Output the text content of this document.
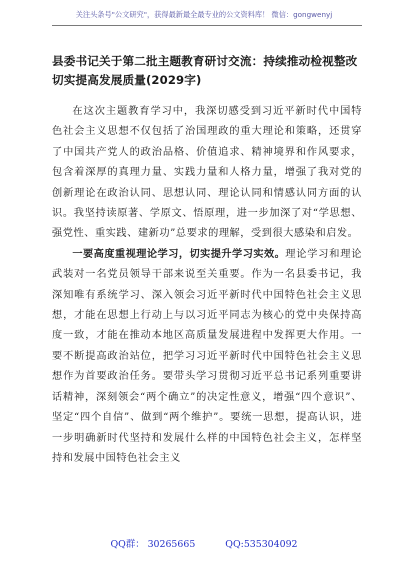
关注头条号"公文研究"，获得最新最全最专业的公文资料库！ 微信：gongwenyj
县委书记关于第二批主题教育研讨交流：持续推动检视整改切实提高发展质量(2029字)

在这次主题教育学习中，我深切感受到习近平新时代中国特色社会主义思想不仅包括了治国理政的重大理论和策略，还贯穿了中国共产党人的政治品格、价值追求、精神境界和作风要求，包含着深厚的真理力量、实践力量和人格力量，增强了我对党的创新理论在政治认同、思想认同、理论认同和情感认同方面的认识。我坚持读原著、学原文、悟原理，进一步加深了对“学思想、强党性、重实践、建新功”总要求的理解，受到很大感染和启发。

一要高度重视理论学习，切实提升学习实效。理论学习和理论武装对一名党员领导干部来说至关重要。作为一名县委书记，我深知唯有系统学习、深入领会习近平新时代中国特色社会主义思想，才能在思想上行动上与以习近平同志为核心的党中央保持高度一致，才能在推动本地区高质量发展进程中发挥更大作用。一要不断提高政治站位，把学习习近平新时代中国特色社会主义思想作为首要政治任务。要带头学习贯彻习近平总书记系列重要讲话精神，深刻领会“两个确立”的决定性意义，增强“四个意识”、坚定“四个自信”、做到“两个维护”。要统一思想，提高认识，进一步明确新时代坚持和发展什么样的中国特色社会主义，怎样坚持和发展中国特色社会主义

QQ群： 30265665	QQ:535304092
